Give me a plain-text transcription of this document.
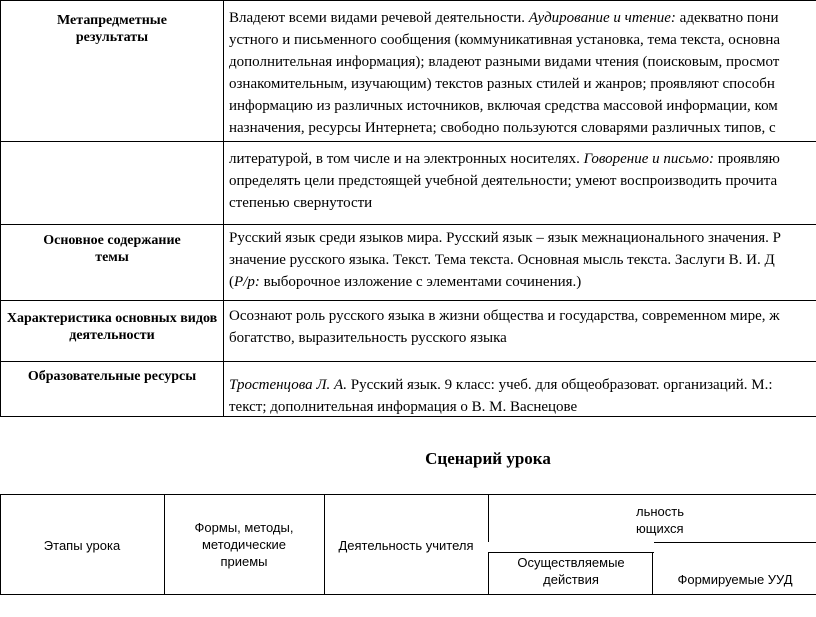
Метапредметные результаты
Владеют всеми видами речевой деятельности. Аудирование и чтение: адекватно пони
устного и письменного сообщения (коммуникативная установка, тема текста, основна
дополнительная информация); владеют разными видами чтения (поисковым, просмот
ознакомительным, изучающим) текстов разных стилей и жанров; проявляют способн
информацию из различных источников, включая средства массовой информации, ком
назначения, ресурсы Интернета; свободно пользуются словарями различных типов, с
литературой, в том числе и на электронных носителях. Говорение и письмо: проявляю
определять цели предстоящей учебной деятельности; умеют воспроизводить прочита
степенью свернутости
Основное содержание темы
Русский язык среди языков мира. Русский язык – язык межнационального значения. Р
значение русского языка. Текст. Тема текста. Основная мысль текста. Заслуги В. И. Д
(Р/р: выборочное изложение с элементами сочинения.)
Характеристика основных видов деятельности
Осознают роль русского языка в жизни общества и государства, современном мире, ж
богатство, выразительность русского языка
Образовательные ресурсы
Тростенцова Л. А. Русский язык. 9 класс: учеб. для общеобразоват. организаций. М.:
текст; дополнительная информация о В. М. Васнецове
Сценарий урока
Этапы урока
Формы, методы, методические приемы
Деятельность учителя
льность
ющихся
Осуществляемые действия	Формируемые УУД
